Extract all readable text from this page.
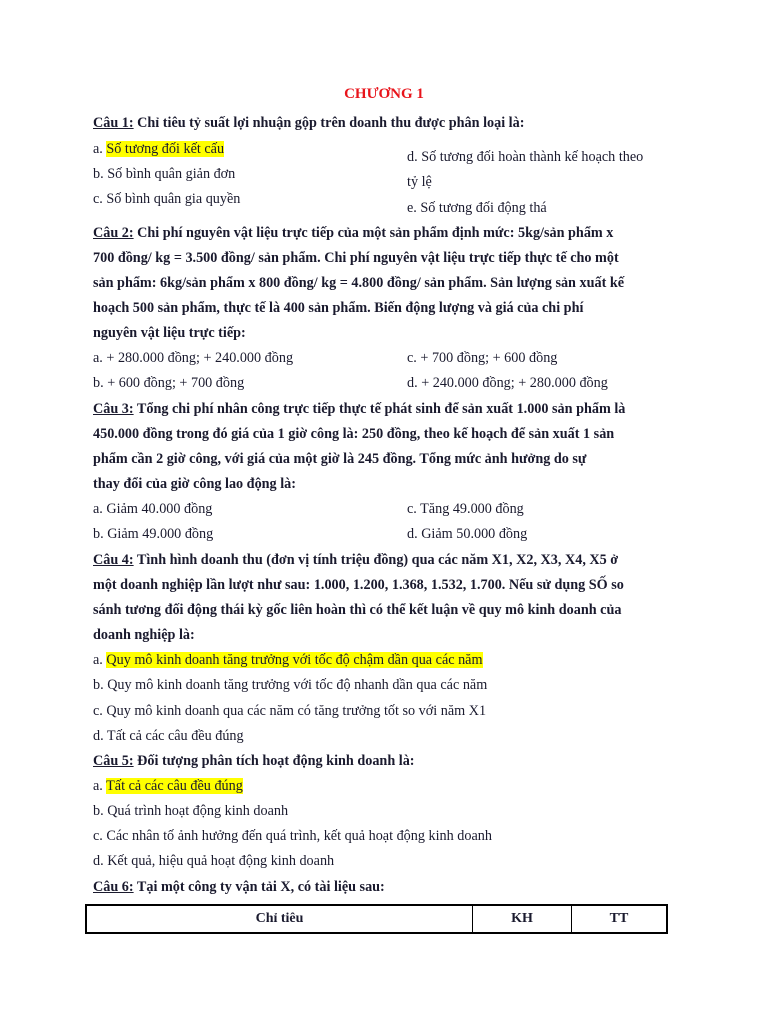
CHƯƠNG 1
Câu 1: Chỉ tiêu tỷ suất lợi nhuận gộp trên doanh thu được phân loại là:
a. Số tương đối kết cấu
b. Số bình quân giản đơn
c. Số bình quân gia quyền
d. Số tương đối hoàn thành kế hoạch theo
tỷ lệ
e. Số tương đối động thá
Câu 2: Chi phí nguyên vật liệu trực tiếp của một sản phẩm định mức: 5kg/sản phẩm x
700 đồng/ kg = 3.500 đồng/ sản phẩm. Chi phí nguyên vật liệu trực tiếp thực tế cho một
sản phẩm: 6kg/sản phẩm x 800 đồng/ kg = 4.800 đồng/ sản phẩm. Sản lượng sản xuất kế
hoạch 500 sản phẩm, thực tế là 400 sản phẩm. Biến động lượng và giá của chi phí
nguyên vật liệu trực tiếp:
a. + 280.000 đồng; + 240.000 đồng
b. + 600 đồng; + 700 đồng
c. + 700 đồng; + 600 đồng
d. + 240.000 đồng; + 280.000 đồng
Câu 3: Tổng chi phí nhân công trực tiếp thực tế phát sinh để sản xuất 1.000 sản phẩm là
450.000 đồng trong đó giá của 1 giờ công là: 250 đồng, theo kế hoạch để sản xuất 1 sản
phẩm cần 2 giờ công, với giá của một giờ là 245 đồng. Tổng mức ảnh hưởng do sự
thay đổi của giờ công lao động là:
a. Giảm 40.000 đồng
b. Giảm 49.000 đồng
c. Tăng 49.000 đồng
d. Giảm 50.000 đồng
Câu 4: Tình hình doanh thu (đơn vị tính triệu đồng) qua các năm X1, X2, X3, X4, X5 ở
một doanh nghiệp lần lượt như sau: 1.000, 1.200, 1.368, 1.532, 1.700. Nếu sử dụng SỐ so
sánh tương đối động thái kỳ gốc liên hoàn thì có thể kết luận về quy mô kinh doanh của
doanh nghiệp là:
a. Quy mô kinh doanh tăng trưởng với tốc độ chậm dần qua các năm
b. Quy mô kinh doanh tăng trưởng với tốc độ nhanh dần qua các năm
c. Quy mô kinh doanh qua các năm có tăng trưởng tốt so với năm X1
d. Tất cả các câu đều đúng
Câu 5: Đối tượng phân tích hoạt động kinh doanh là:
a. Tất cả các câu đều đúng
b. Quá trình hoạt động kinh doanh
c. Các nhân tố ảnh hưởng đến quá trình, kết quả hoạt động kinh doanh
d. Kết quả, hiệu quả hoạt động kinh doanh
Câu 6: Tại một công ty vận tải X, có tài liệu sau:
Chỉ tiêu	KH	TT
